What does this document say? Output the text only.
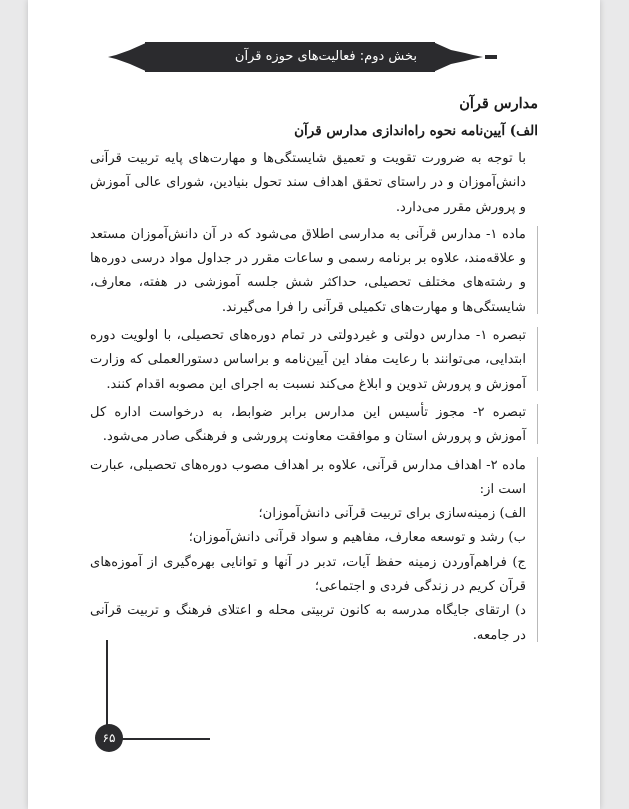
بخش دوم: فعالیت‌های حوزه قرآن
مدارس قرآن
الف) آیین‌نامه نحوه راه‌اندازی مدارس قرآن

با توجه به ضرورت تقویت و تعمیق شایستگی‌ها و مهارت‌های پایه تربیت قرآنی دانش‌آموزان و در راستای تحقق اهداف سند تحول بنیادین، شورای عالی آموزش و پرورش مقرر می‌دارد.

ماده ۱- مدارس قرآنی به مدارسی اطلاق می‌شود که در آن دانش‌آموزان مستعد و علاقه‌مند، علاوه بر برنامه رسمی و ساعات مقرر در جداول مواد درسی دوره‌ها و رشته‌های مختلف تحصیلی، حداکثر شش جلسه آموزشی در هفته، معارف، شایستگی‌ها و مهارت‌های تکمیلی قرآنی را فرا می‌گیرند.

تبصره ۱- مدارس دولتی و غیردولتی در تمام دوره‌های تحصیلی، با اولویت دوره ابتدایی، می‌توانند با رعایت مفاد این آیین‌نامه و براساس دستورالعملی که وزارت آموزش و پرورش تدوین و ابلاغ می‌کند نسبت به اجرای این مصوبه اقدام کنند.

تبصره ۲- مجوز تأسیس این مدارس برابر ضوابط، به درخواست اداره کل آموزش و پرورش استان و موافقت معاونت پرورشی و فرهنگی صادر می‌شود.

ماده ۲- اهداف مدارس قرآنی، علاوه بر اهداف مصوب دوره‌های تحصیلی، عبارت است از:

الف) زمینه‌سازی برای تربیت قرآنی دانش‌آموزان؛

ب) رشد و توسعه معارف، مفاهیم و سواد قرآنی دانش‌آموزان؛

ج) فراهم‌آوردن زمینه حفظ آیات، تدبر در آنها و توانایی بهره‌گیری از آموزه‌های قرآن کریم در زندگی فردی و اجتماعی؛

د) ارتقای جایگاه مدرسه به کانون تربیتی محله و اعتلای فرهنگ و تربیت قرآنی در جامعه.

۶۵
